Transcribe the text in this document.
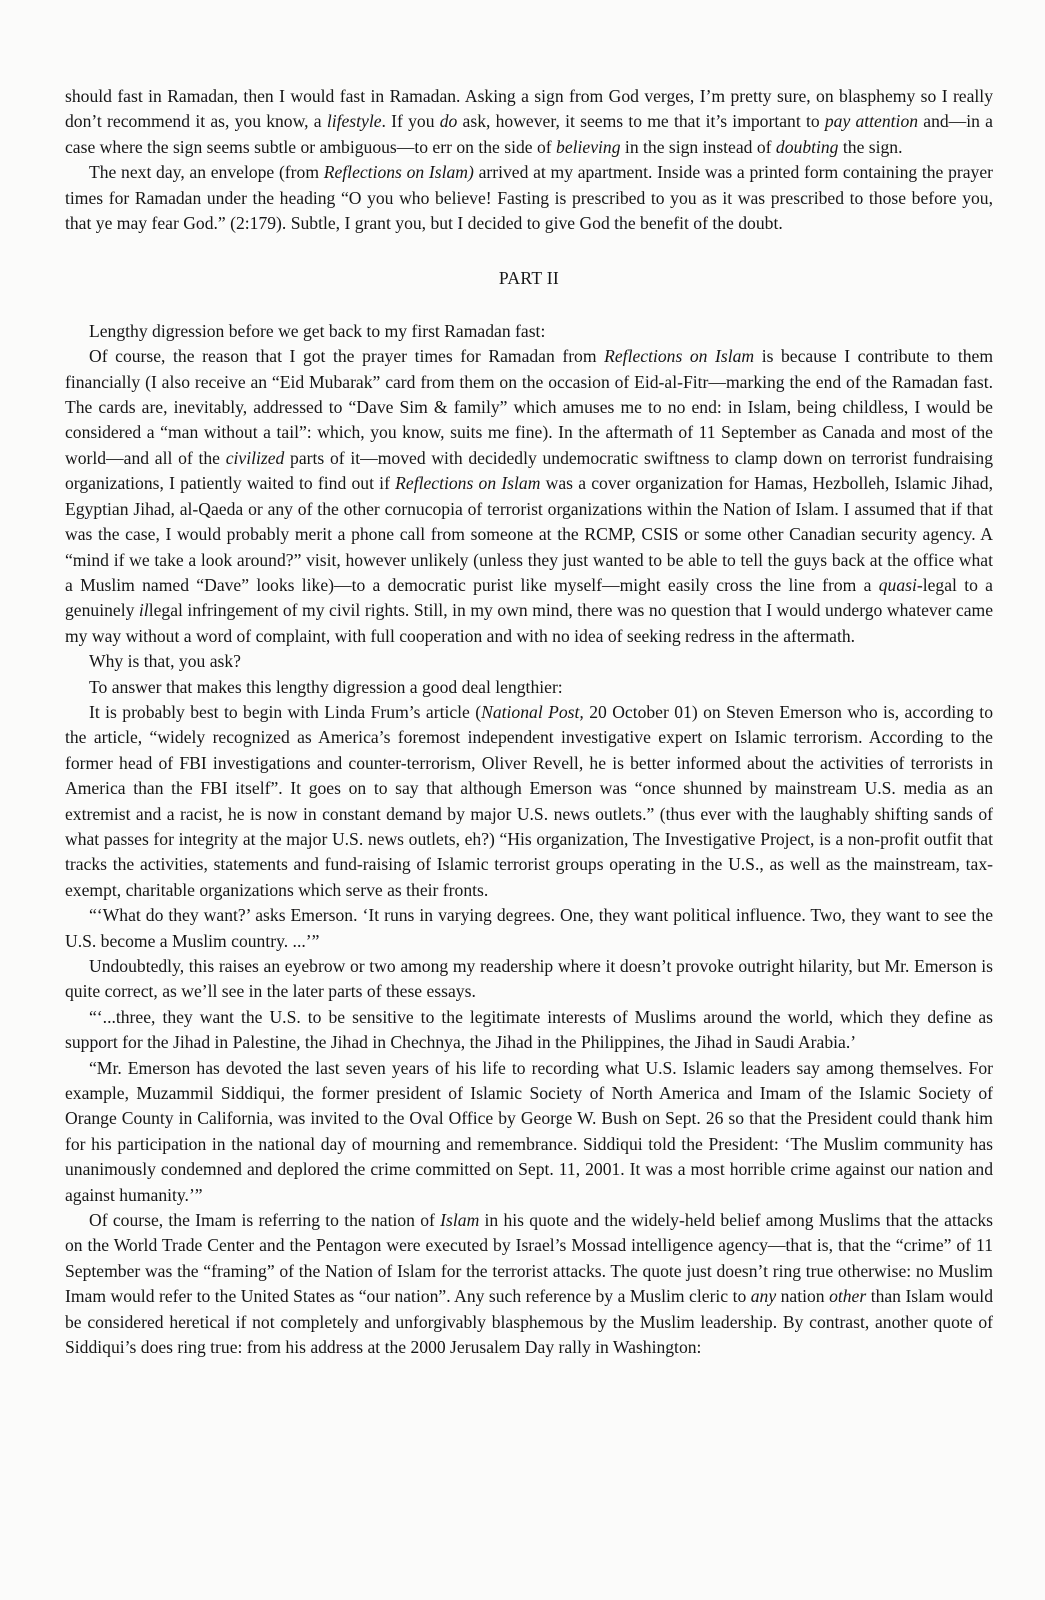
should fast in Ramadan, then I would fast in Ramadan. Asking a sign from God verges, I’m pretty sure, on blasphemy so I really don’t recommend it as, you know, a lifestyle. If you do ask, however, it seems to me that it’s important to pay attention and—in a case where the sign seems subtle or ambiguous—to err on the side of believing in the sign instead of doubting the sign.

The next day, an envelope (from Reflections on Islam) arrived at my apartment. Inside was a printed form containing the prayer times for Ramadan under the heading “O you who believe! Fasting is prescribed to you as it was prescribed to those before you, that ye may fear God.” (2:179). Subtle, I grant you, but I decided to give God the benefit of the doubt.

PART II

Lengthy digression before we get back to my first Ramadan fast:

Of course, the reason that I got the prayer times for Ramadan from Reflections on Islam is because I contribute to them financially (I also receive an “Eid Mubarak” card from them on the occasion of Eid-al-Fitr—marking the end of the Ramadan fast. The cards are, inevitably, addressed to “Dave Sim & family” which amuses me to no end: in Islam, being childless, I would be considered a “man without a tail”: which, you know, suits me fine). In the aftermath of 11 September as Canada and most of the world—and all of the civilized parts of it—moved with decidedly undemocratic swiftness to clamp down on terrorist fundraising organizations, I patiently waited to find out if Reflections on Islam was a cover organization for Hamas, Hezbolleh, Islamic Jihad, Egyptian Jihad, al-Qaeda or any of the other cornucopia of terrorist organizations within the Nation of Islam. I assumed that if that was the case, I would probably merit a phone call from someone at the RCMP, CSIS or some other Canadian security agency. A “mind if we take a look around?” visit, however unlikely (unless they just wanted to be able to tell the guys back at the office what a Muslim named “Dave” looks like)—to a democratic purist like myself—might easily cross the line from a quasi-legal to a genuinely illegal infringement of my civil rights. Still, in my own mind, there was no question that I would undergo whatever came my way without a word of complaint, with full cooperation and with no idea of seeking redress in the aftermath.

Why is that, you ask?

To answer that makes this lengthy digression a good deal lengthier:

It is probably best to begin with Linda Frum’s article (National Post, 20 October 01) on Steven Emerson who is, according to the article, “widely recognized as America’s foremost independent investigative expert on Islamic terrorism. According to the former head of FBI investigations and counter-terrorism, Oliver Revell, he is better informed about the activities of terrorists in America than the FBI itself”. It goes on to say that although Emerson was “once shunned by mainstream U.S. media as an extremist and a racist, he is now in constant demand by major U.S. news outlets.” (thus ever with the laughably shifting sands of what passes for integrity at the major U.S. news outlets, eh?) “His organization, The Investigative Project, is a non-profit outfit that tracks the activities, statements and fund-raising of Islamic terrorist groups operating in the U.S., as well as the mainstream, tax-exempt, charitable organizations which serve as their fronts.

“‘What do they want?’ asks Emerson. ‘It runs in varying degrees. One, they want political influence. Two, they want to see the U.S. become a Muslim country. ...’”

Undoubtedly, this raises an eyebrow or two among my readership where it doesn’t provoke outright hilarity, but Mr. Emerson is quite correct, as we’ll see in the later parts of these essays.

“‘...three, they want the U.S. to be sensitive to the legitimate interests of Muslims around the world, which they define as support for the Jihad in Palestine, the Jihad in Chechnya, the Jihad in the Philippines, the Jihad in Saudi Arabia.’

“Mr. Emerson has devoted the last seven years of his life to recording what U.S. Islamic leaders say among themselves. For example, Muzammil Siddiqui, the former president of Islamic Society of North America and Imam of the Islamic Society of Orange County in California, was invited to the Oval Office by George W. Bush on Sept. 26 so that the President could thank him for his participation in the national day of mourning and remembrance. Siddiqui told the President: ‘The Muslim community has unanimously condemned and deplored the crime committed on Sept. 11, 2001. It was a most horrible crime against our nation and against humanity.’”

Of course, the Imam is referring to the nation of Islam in his quote and the widely-held belief among Muslims that the attacks on the World Trade Center and the Pentagon were executed by Israel’s Mossad intelligence agency—that is, that the “crime” of 11 September was the “framing” of the Nation of Islam for the terrorist attacks. The quote just doesn’t ring true otherwise: no Muslim Imam would refer to the United States as “our nation”. Any such reference by a Muslim cleric to any nation other than Islam would be considered heretical if not completely and unforgivably blasphemous by the Muslim leadership. By contrast, another quote of Siddiqui’s does ring true: from his address at the 2000 Jerusalem Day rally in Washington:
